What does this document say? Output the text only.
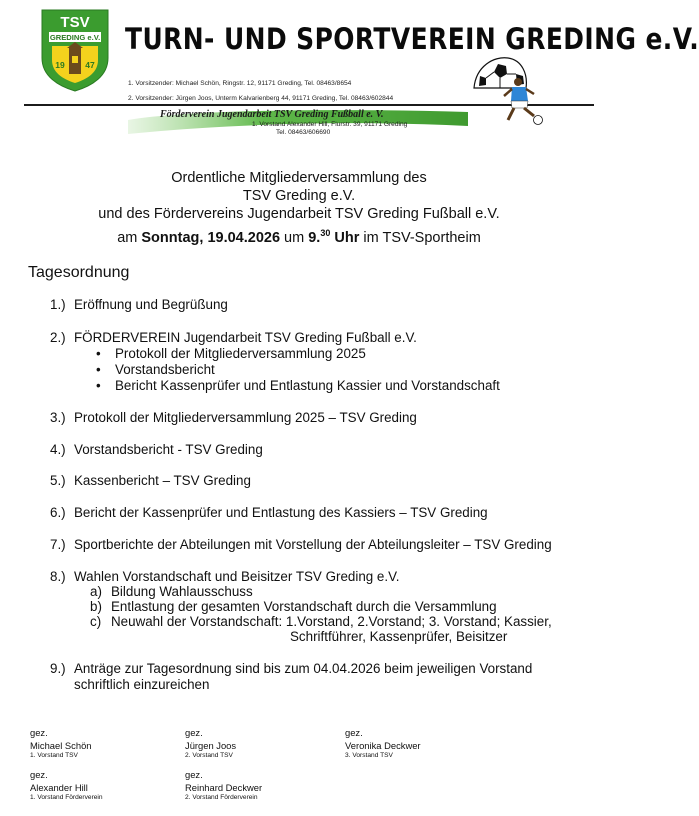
TSV
GREDING e.V.
19 47
TURN- UND SPORTVEREIN GREDING e.V.
1. Vorsitzender: Michael Schön, Ringstr. 12, 91171 Greding, Tel. 08463/8654
2. Vorsitzender: Jürgen Joos, Unterm Kalvarienberg 44, 91171 Greding, Tel. 08463/602844
Förderverein Jugendarbeit TSV Greding Fußball e. V.
1. Vorstand Alexander Hill, Flurstr. 39, 91171 Greding
Tel. 08463/606690
Ordentliche Mitgliederversammlung des
TSV Greding e.V.
und des Fördervereins Jugendarbeit TSV Greding Fußball e.V.
am Sonntag, 19.04.2026 um 9.30 Uhr im TSV-Sportheim
Tagesordnung
1.) Eröffnung und Begrüßung
2.) FÖRDERVEREIN Jugendarbeit TSV Greding Fußball e.V.
• Protokoll der Mitgliederversammlung 2025
• Vorstandsbericht
• Bericht Kassenprüfer und Entlastung Kassier und Vorstandschaft
3.) Protokoll der Mitgliederversammlung 2025 – TSV Greding
4.) Vorstandsbericht - TSV Greding
5.) Kassenbericht – TSV Greding
6.) Bericht der Kassenprüfer und Entlastung des Kassiers – TSV Greding
7.) Sportberichte der Abteilungen mit Vorstellung der Abteilungsleiter – TSV Greding
8.) Wahlen Vorstandschaft und Beisitzer TSV Greding e.V.
a) Bildung Wahlausschuss
b) Entlastung der gesamten Vorstandschaft durch die Versammlung
c) Neuwahl der Vorstandschaft: 1.Vorstand, 2.Vorstand; 3. Vorstand; Kassier,
Schriftführer, Kassenprüfer, Beisitzer
9.) Anträge zur Tagesordnung sind bis zum 04.04.2026 beim jeweiligen Vorstand
schriftlich einzureichen
gez.
Michael Schön
1. Vorstand TSV
gez.
Jürgen Joos
2. Vorstand TSV
gez.
Veronika Deckwer
3. Vorstand TSV
gez.
Alexander Hill
1. Vorstand Förderverein
gez.
Reinhard Deckwer
2. Vorstand Förderverein
